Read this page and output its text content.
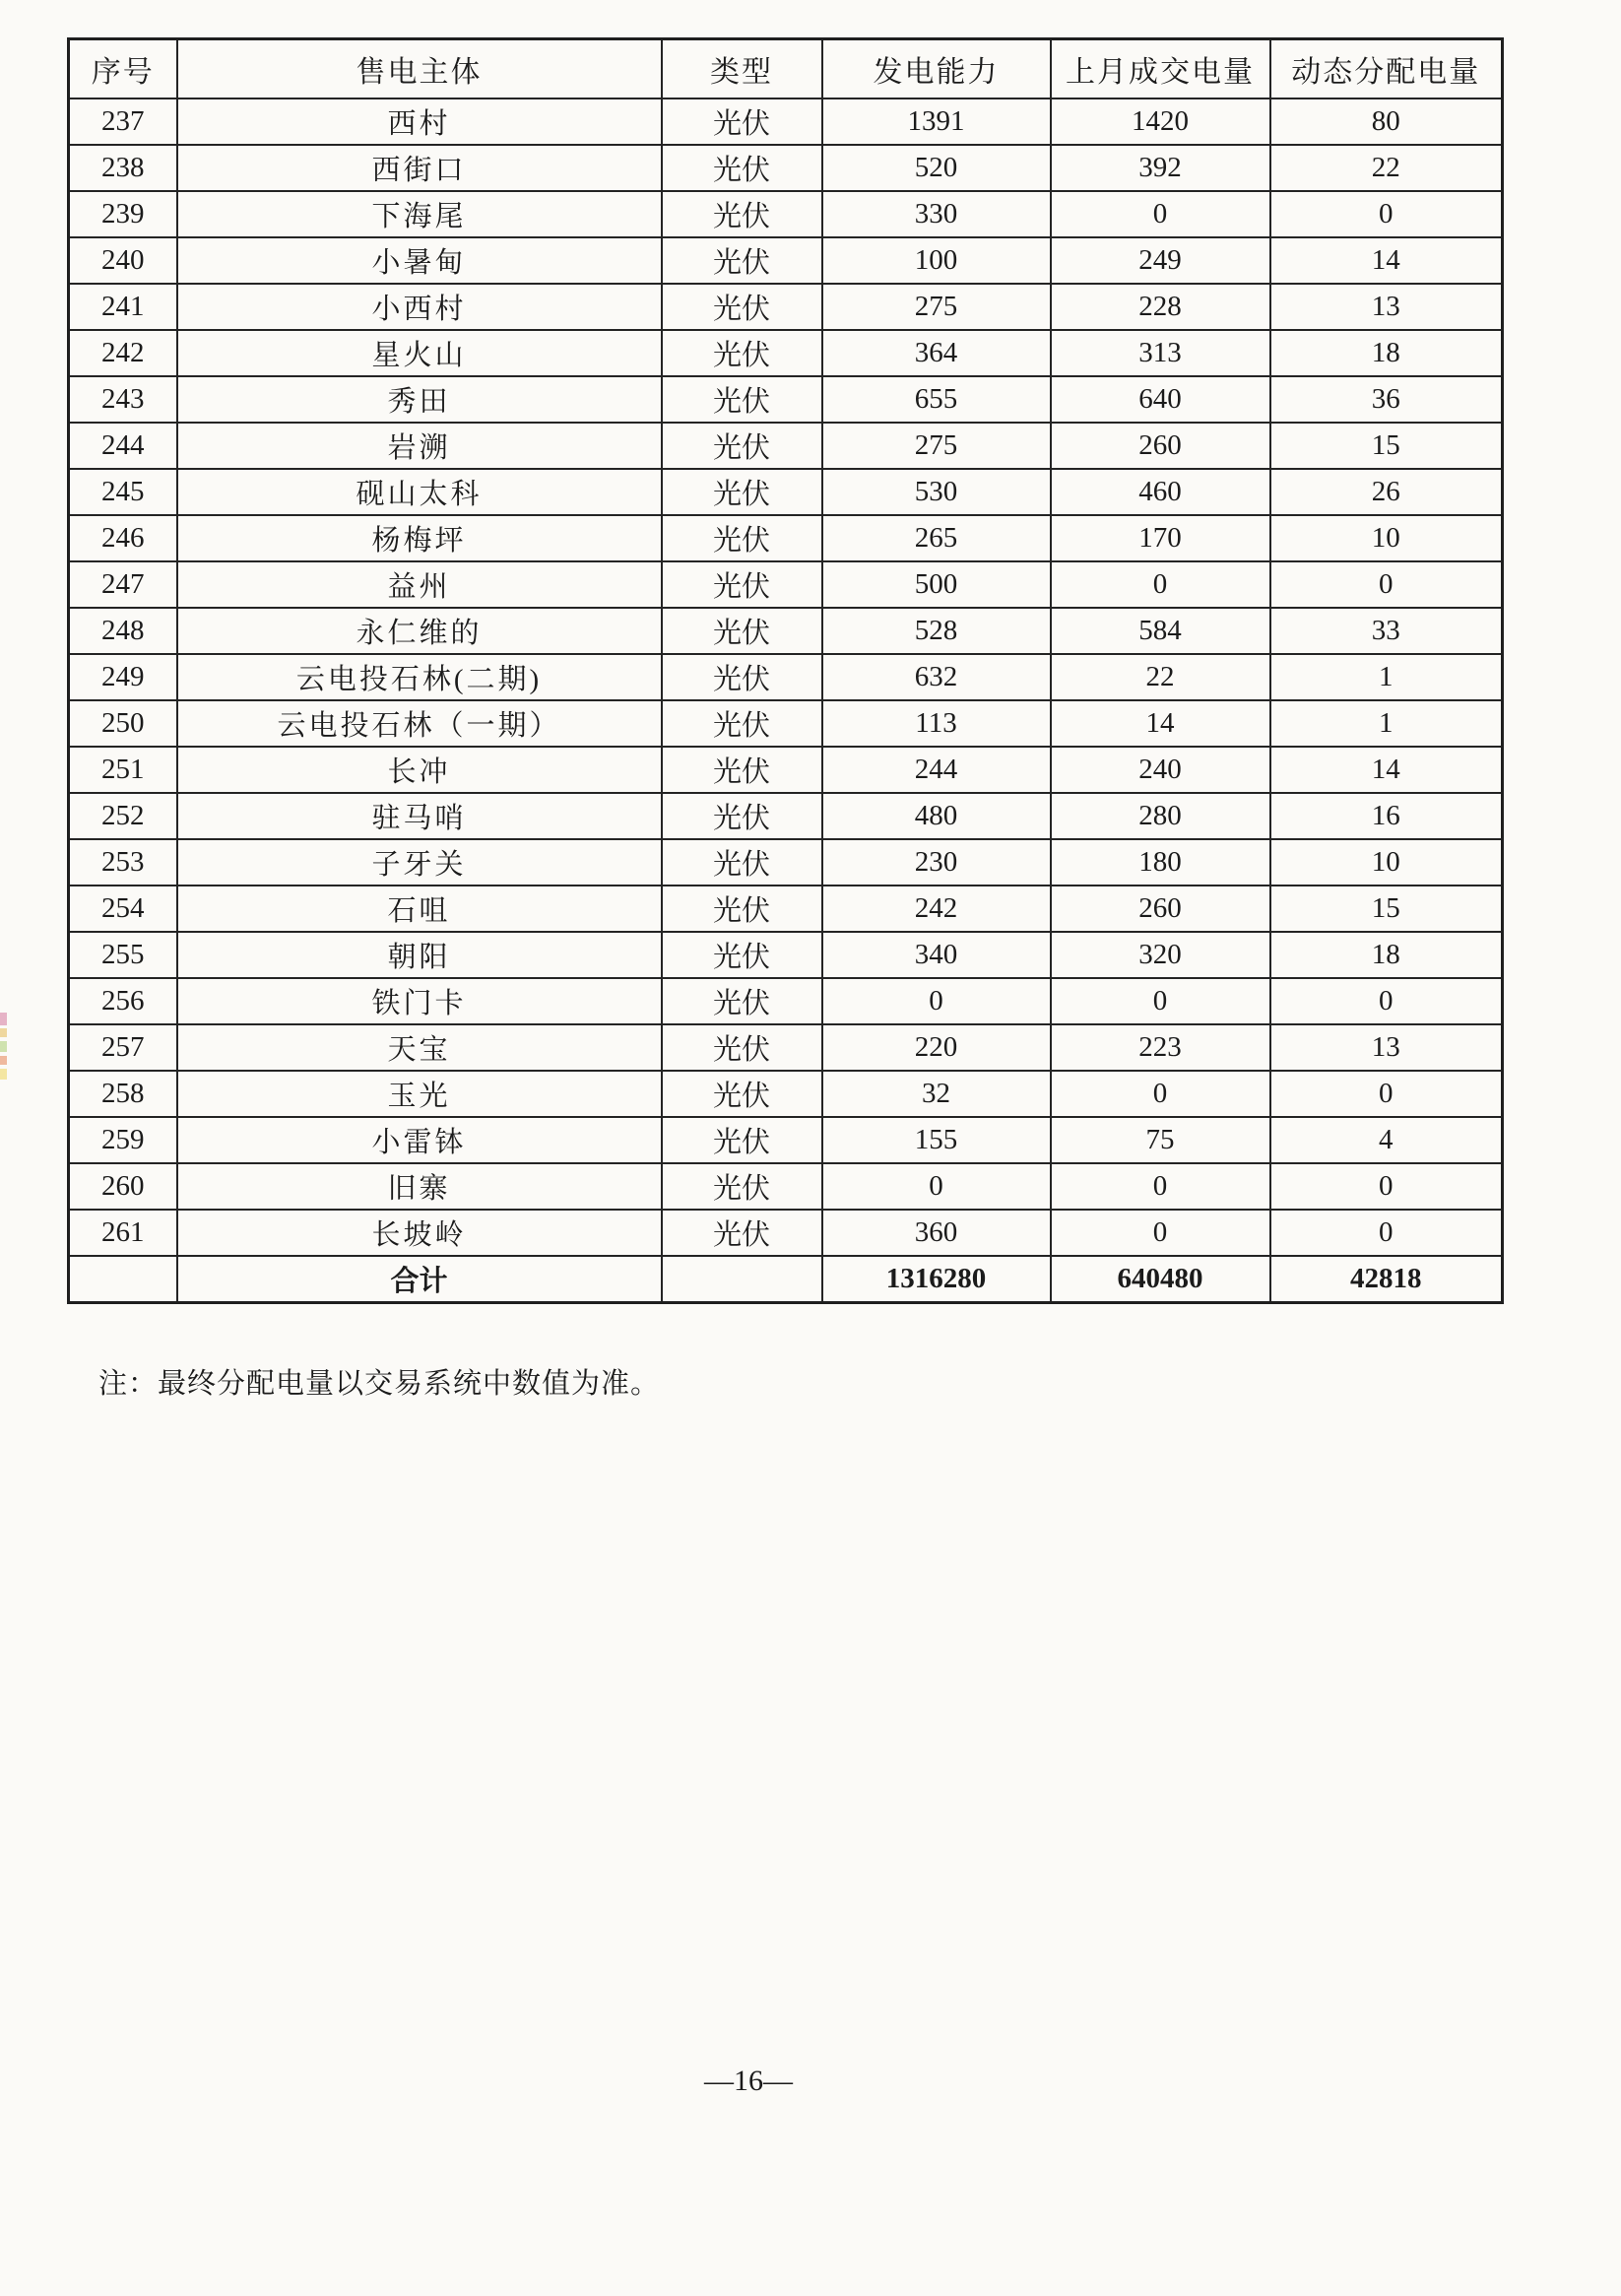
序号	售电主体	类型	发电能力	上月成交电量	动态分配电量
237	西村	光伏	1391	1420	80
238	西街口	光伏	520	392	22
239	下海尾	光伏	330	0	0
240	小暑甸	光伏	100	249	14
241	小西村	光伏	275	228	13
242	星火山	光伏	364	313	18
243	秀田	光伏	655	640	36
244	岩溯	光伏	275	260	15
245	砚山太科	光伏	530	460	26
246	杨梅坪	光伏	265	170	10
247	益州	光伏	500	0	0
248	永仁维的	光伏	528	584	33
249	云电投石林(二期)	光伏	632	22	1
250	云电投石林（一期）	光伏	113	14	1
251	长冲	光伏	244	240	14
252	驻马哨	光伏	480	280	16
253	子牙关	光伏	230	180	10
254	石咀	光伏	242	260	15
255	朝阳	光伏	340	320	18
256	铁门卡	光伏	0	0	0
257	天宝	光伏	220	223	13
258	玉光	光伏	32	0	0
259	小雷钵	光伏	155	75	4
260	旧寨	光伏	0	0	0
261	长坡岭	光伏	360	0	0
	合计		1316280	640480	42818

注：最终分配电量以交易系统中数值为准。

—16—
